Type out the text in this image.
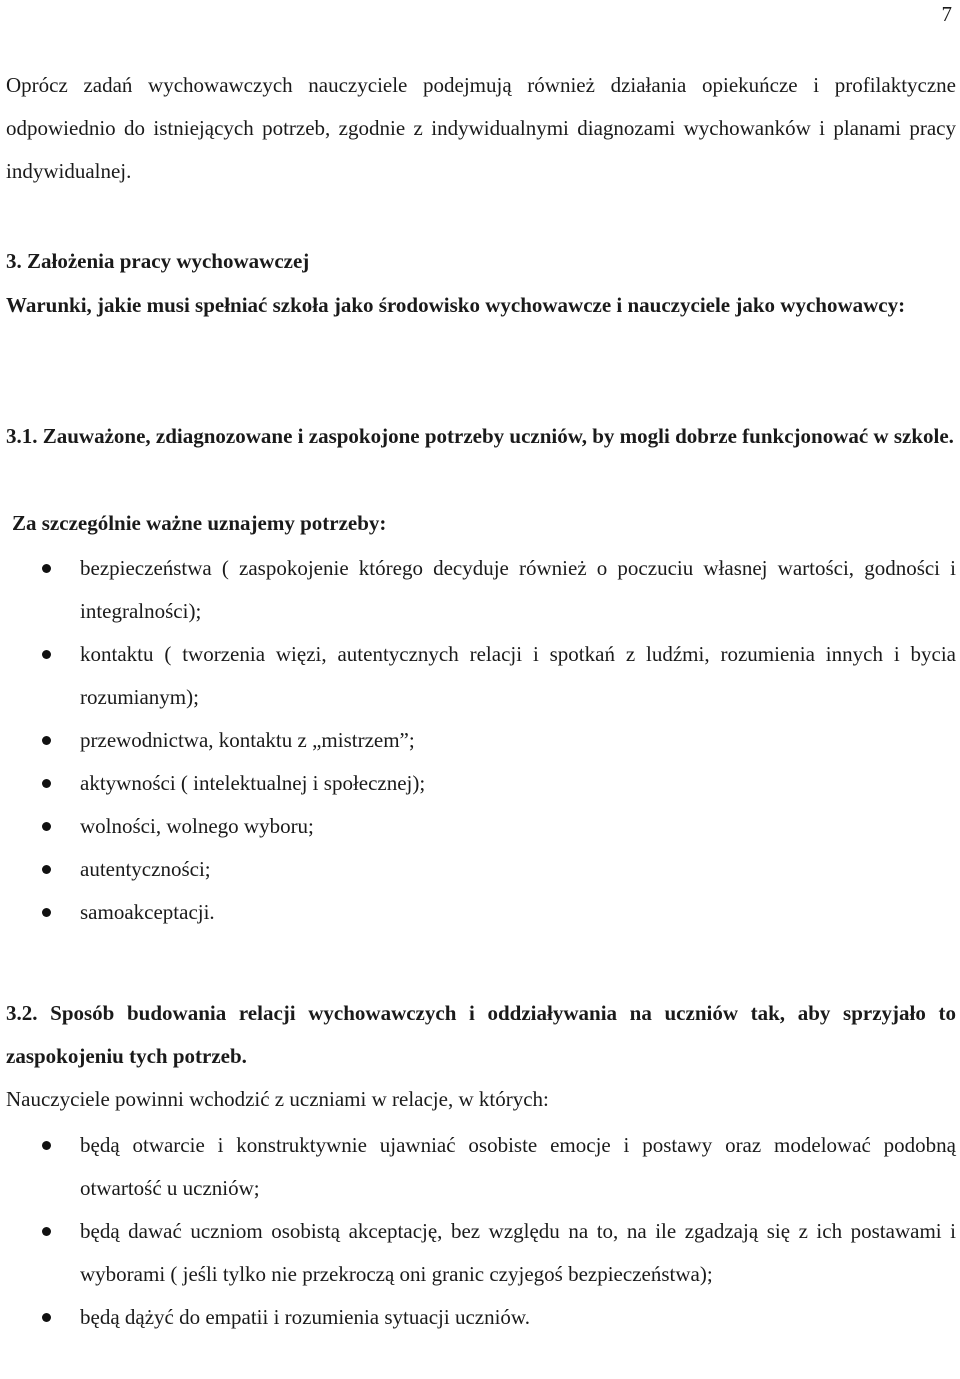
7
Oprócz zadań wychowawczych nauczyciele podejmują również działania opiekuńcze i profilaktyczne odpowiednio do istniejących potrzeb, zgodnie z indywidualnymi diagnozami wychowanków i planami pracy indywidualnej.
3. Założenia pracy wychowawczej
Warunki, jakie musi spełniać szkoła jako środowisko wychowawcze i nauczyciele jako wychowawcy:
3.1. Zauważone, zdiagnozowane i zaspokojone potrzeby uczniów, by mogli dobrze funkcjonować w szkole.
Za szczególnie ważne uznajemy potrzeby:
bezpieczeństwa ( zaspokojenie którego decyduje również o poczuciu własnej wartości, godności i integralności);
kontaktu ( tworzenia więzi, autentycznych relacji i spotkań z ludźmi, rozumienia innych i bycia rozumianym);
przewodnictwa, kontaktu z „mistrzem”;
aktywności ( intelektualnej i społecznej);
wolności, wolnego wyboru;
autentyczności;
samoakceptacji.
3.2. Sposób budowania relacji wychowawczych i oddziaływania na uczniów tak, aby sprzyjało to zaspokojeniu tych potrzeb.
Nauczyciele powinni wchodzić z uczniami w relacje, w których:
będą otwarcie i konstruktywnie ujawniać osobiste emocje i postawy oraz modelować podobną otwartość u uczniów;
będą dawać uczniom osobistą akceptację, bez względu na to, na ile zgadzają się z ich postawami i wyborami ( jeśli tylko nie przekroczą oni granic czyjegoś bezpieczeństwa);
będą dążyć do empatii i rozumienia sytuacji uczniów.
